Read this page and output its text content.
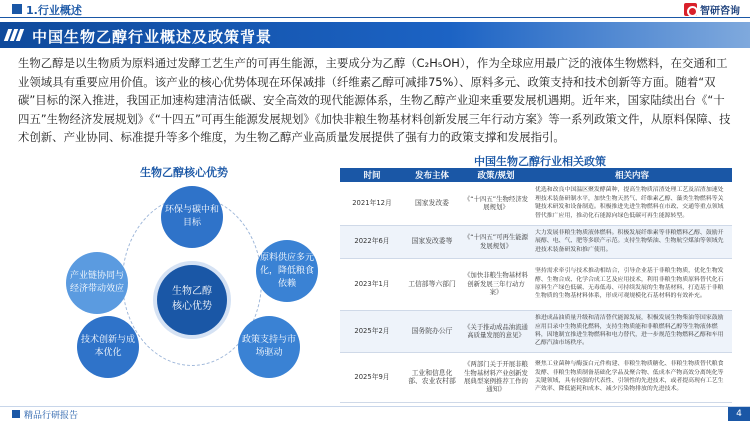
1.行业概述	智研咨询
中国生物乙醇行业概述及政策背景

生物乙醇是以生物质为原料通过发酵工艺生产的可再生能源，主要成分为乙醇（C₂H₅OH），作为全球应用最广泛的液体生物燃料，在交通和工业领域具有重要应用价值。该产业的核心优势体现在环保减排（纤维素乙醇可减排75%）、原料多元、政策支持和技术创新等方面。随着“双碳”目标的深入推进，我国正加速构建清洁低碳、安全高效的现代能源体系，生物乙醇产业迎来重要发展机遇期。近年来，国家陆续出台《“十四五”生物经济发展规划》《“十四五”可再生能源发展规划》《加快非粮生物基材料创新发展三年行动方案》等一系列政策文件，从原料保障、技术创新、产业协同、标准提升等多个维度，为生物乙醇产业高质量发展提供了强有力的政策支撑和发展指引。

生物乙醇核心优势
环保与碳中和目标
原料供应多元化，降低粮食依赖
产业链协同与经济带动效应
技术创新与成本优化
政策支持与市场驱动
生物乙醇
核心优势
中国生物乙醇行业相关政策
时间	发布主体	政策/规划	相关内容
2021年12月	国家发改委	《“十四五”生物经济发展规划》	优选和改良中国温区聚发酵菌种，提高生物质沼渣处理工艺及沼渣加速处理技术装备研制水平，加快生物天然气、纤维素乙醇、藻类生物燃料等关键技术研发和设备制造。积极推进先进生物燃料在市政、交通等重点领域替代推广应用，推动化石能源向绿色低碳可再生能源转型。
2022年6月	国家发改委等	《“十四五”可再生能源发展规划》	大力发展非粮生物质液体燃料。积极发展纤维素等非粮燃料乙醇、鼓励开展醇、电、气、肥等多联产示范。支持生物柴油、生物航空煤油等领域先进技术装备研发和推广使用。
2023年1月	工信部等六部门	《加快非粮生物基材料创新发展三年行动方案》	坚持需求牵引与技术推动相结合，引导企业基于非粮生物质，优化生物发酵、生物合成、化学合成工艺及应用技术，利用非粮生物质原料替代化石原料生产绿色低碳、无毒低毒、可持续发展的生物基材料，打造基于非粮生物质的生物基材料体系，形成可观规模化石基材料的有效补充。
2025年2月	国务院办公厅	《关于推动成品油流通高质量发展的意见》	推进成品油质量升级和清洁替代能源发展，积极发展生物柴油等国家鼓励应用目录中生物质化燃料，支持生物质能和非粮燃料乙醇等生物液体燃料，因地制宜推进生物燃料和电力替代，进一步规范生物燃料乙醇和车用乙醇汽油市场秩序。
2025年9月	工业和信息化部、农业农村部	《两部门关于开展非粮生物基材料产业创新发展典型案例推荐工作的通知》	聚焦工业菌种与酶蛋白元件构建、非粮生物质糖化、非粮生物质替代粮食发酵、非粮生物质制备基础化学品及聚合物、低成本产物高效分离纯化等关键领域，具有较强的代表性、引领性的先进技术，或者提高现有工艺生产效率、降低能耗和成本、减少污染物排放的先进技术。
精品行研报告	4
